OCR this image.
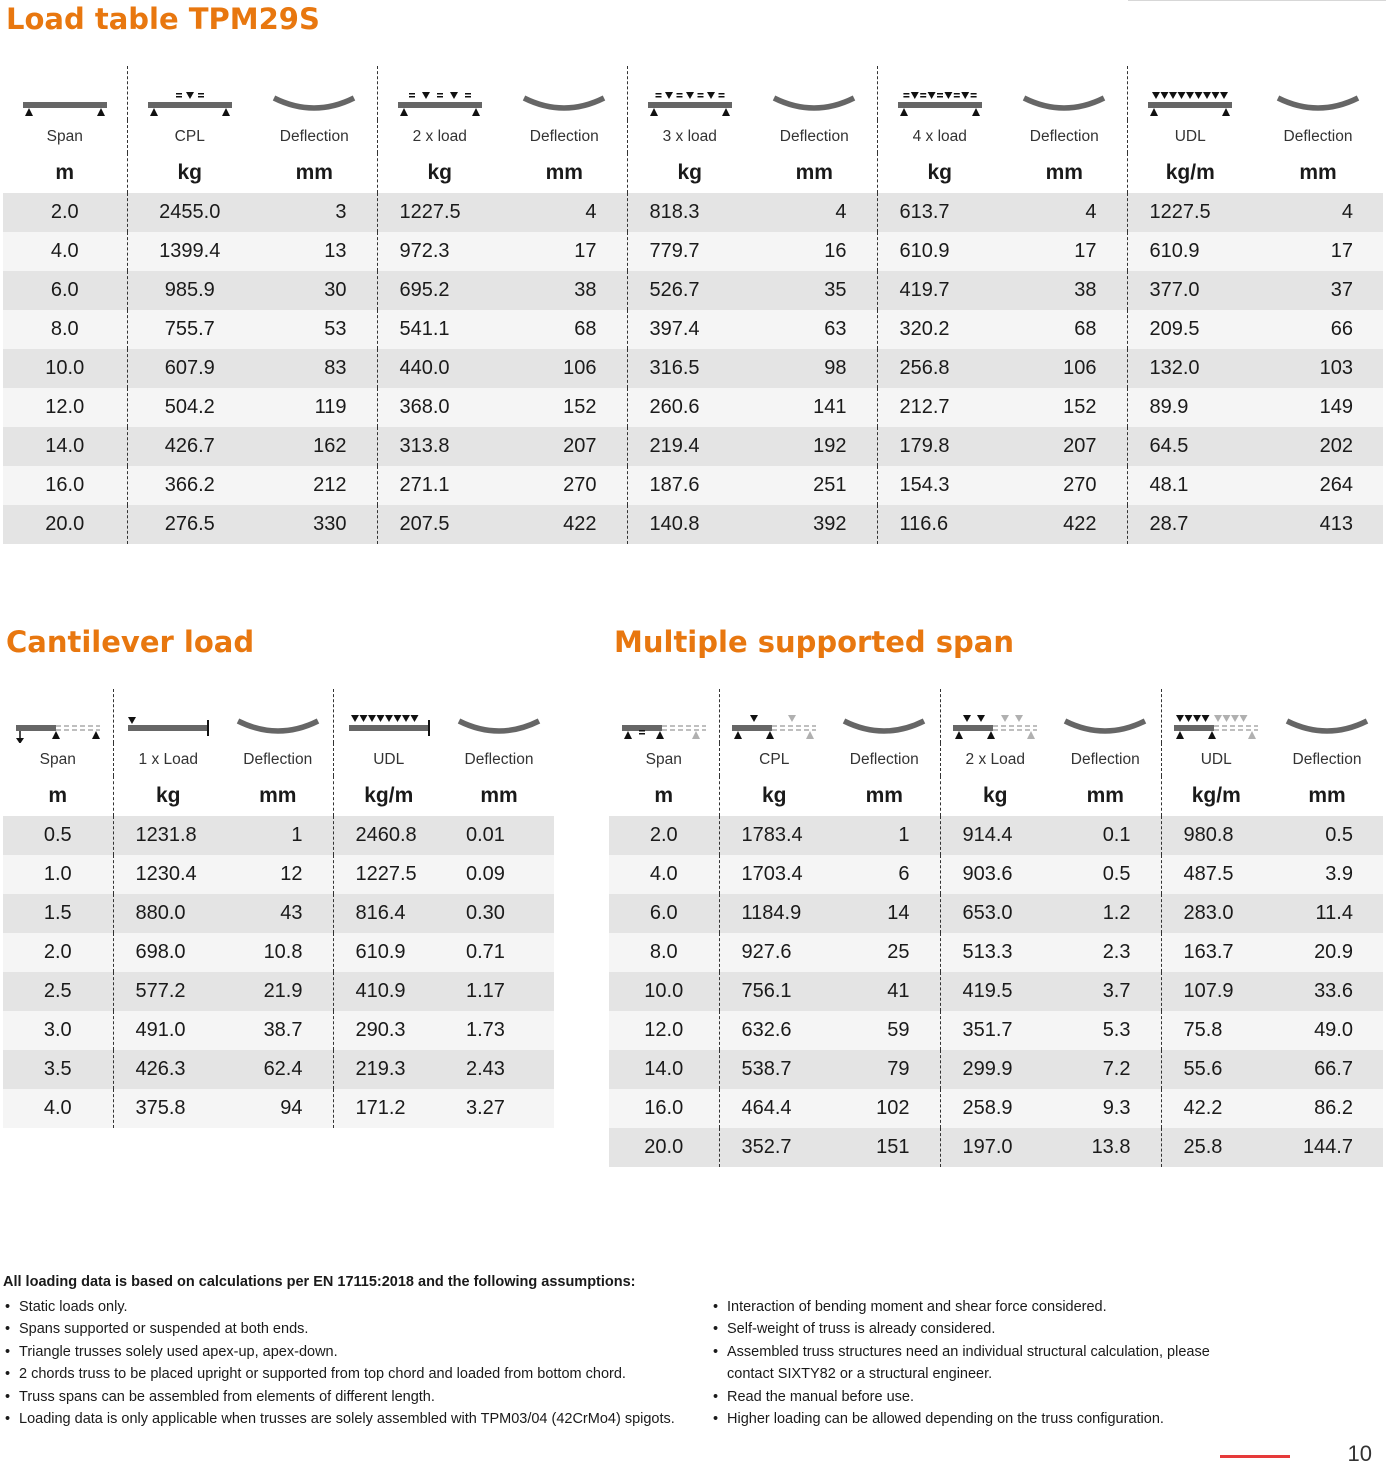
Load table TPM29S

Span	CPL	Deflection	2 x load	Deflection	3 x load	Deflection	4 x load	Deflection	UDL	Deflection
m	kg	mm	kg	mm	kg	mm	kg	mm	kg/m	mm
2.0	2455.0	3	1227.5	4	818.3	4	613.7	4	1227.5	4
4.0	1399.4	13	972.3	17	779.7	16	610.9	17	610.9	17
6.0	985.9	30	695.2	38	526.7	35	419.7	38	377.0	37
8.0	755.7	53	541.1	68	397.4	63	320.2	68	209.5	66
10.0	607.9	83	440.0	106	316.5	98	256.8	106	132.0	103
12.0	504.2	119	368.0	152	260.6	141	212.7	152	89.9	149
14.0	426.7	162	313.8	207	219.4	192	179.8	207	64.5	202
16.0	366.2	212	271.1	270	187.6	251	154.3	270	48.1	264
20.0	276.5	330	207.5	422	140.8	392	116.6	422	28.7	413
Cantilever load

Span	1 x Load	Deflection	UDL	Deflection
m	kg	mm	kg/m	mm
0.5	1231.8	1	2460.8	0.01
1.0	1230.4	12	1227.5	0.09
1.5	880.0	43	816.4	0.30
2.0	698.0	10.8	610.9	0.71
2.5	577.2	21.9	410.9	1.17
3.0	491.0	38.7	290.3	1.73
3.5	426.3	62.4	219.3	2.43
4.0	375.8	94	171.2	3.27
Multiple supported span

Span	CPL	Deflection	2 x Load	Deflection	UDL	Deflection
m	kg	mm	kg	mm	kg/m	mm
2.0	1783.4	1	914.4	0.1	980.8	0.5
4.0	1703.4	6	903.6	0.5	487.5	3.9
6.0	1184.9	14	653.0	1.2	283.0	11.4
8.0	927.6	25	513.3	2.3	163.7	20.9
10.0	756.1	41	419.5	3.7	107.9	33.6
12.0	632.6	59	351.7	5.3	75.8	49.0
14.0	538.7	79	299.9	7.2	55.6	66.7
16.0	464.4	102	258.9	9.3	42.2	86.2
20.0	352.7	151	197.0	13.8	25.8	144.7

All loading data is based on calculations per EN 17115:2018 and the following assumptions:

• Static loads only.
• Spans supported or suspended at both ends.
• Triangle trusses solely used apex-up, apex-down.
• 2 chords truss to be placed upright or supported from top chord and loaded from bottom chord.
• Truss spans can be assembled from elements of different length.
• Loading data is only applicable when trusses are solely assembled with TPM03/04 (42CrMo4) spigots.
• Interaction of bending moment and shear force considered.
• Self-weight of truss is already considered.
• Assembled truss structures need an individual structural calculation, please contact SIXTY82 or a structural engineer.
• Read the manual before use.
• Higher loading can be allowed depending on the truss configuration.
10
